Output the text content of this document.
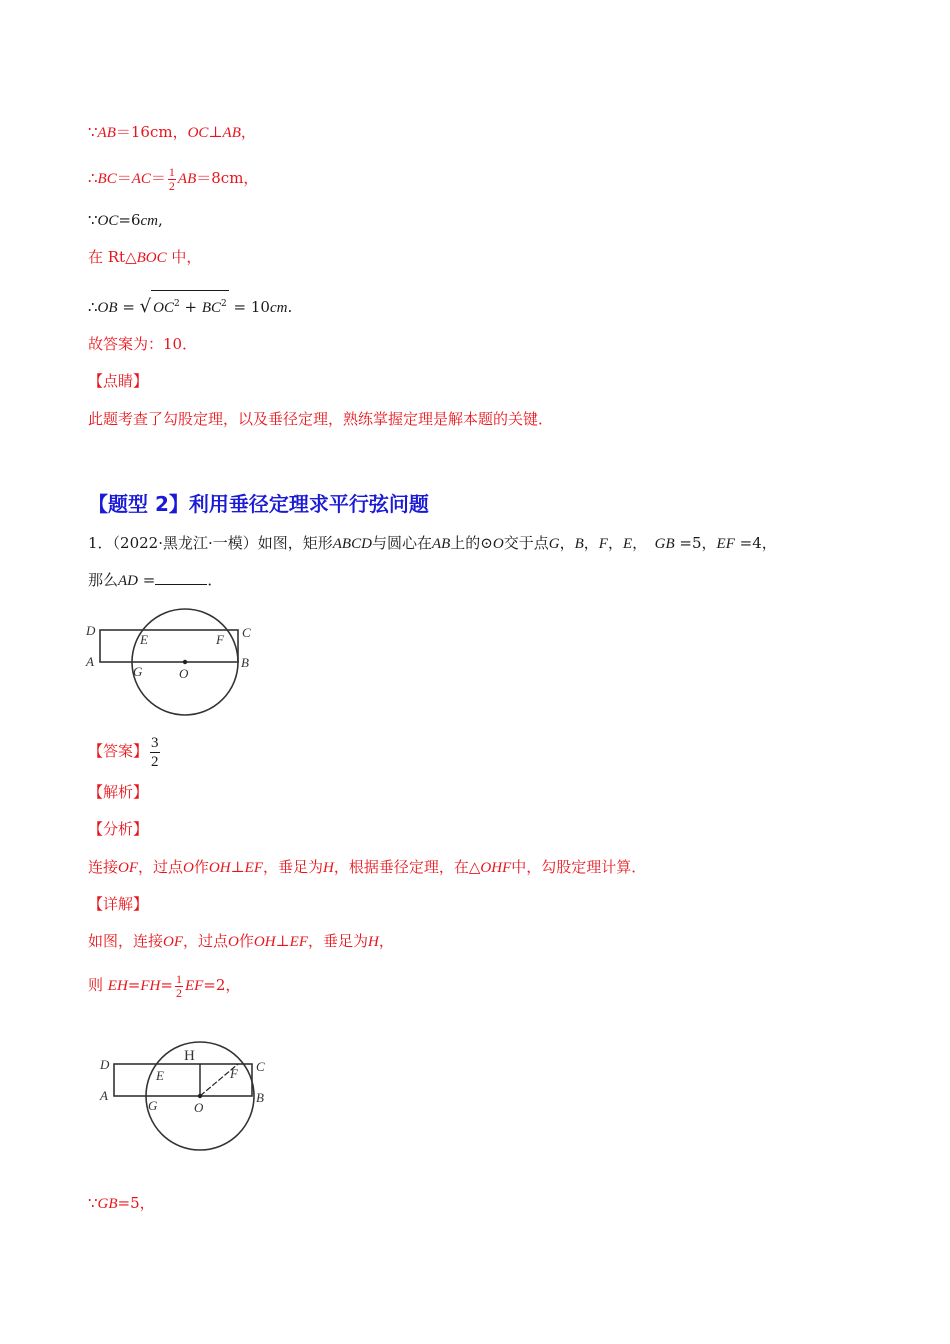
∵AB＝16cm，OC⊥AB，
∴BC＝AC＝ $\frac{1}{2} AB=8cm$，
∵OC=6cm,
在 Rt△BOC 中，
∴OB = √ $OC^2 + BC^2 = 10cm$.
故答案为：10．
【点睛】
此题考查了勾股定理，以及垂径定理，熟练掌握定理是解本题的关键．
【题型 2】利用垂径定理求平行弦问题
1．（2022·黑龙江·一模）如图，矩形ABCD与圆心在AB上的⊙O交于点G，B，F，E，　GB =5，EF =4，
那么AD =	．
D	C
E	F
A	B
G	O
【答案】 $\frac{3}{2}$
【解析】
【分析】
连接OF，过点O作OH⊥EF，垂足为H，根据垂径定理，在△OHF中，勾股定理计算．
【详解】
如图，连接OF，过点O作OH⊥EF，垂足为H，
则 $EH=FH= \frac{1}{2} EF=2$，
D	C
E	F
H
A	B
G	O
∵GB=5，
